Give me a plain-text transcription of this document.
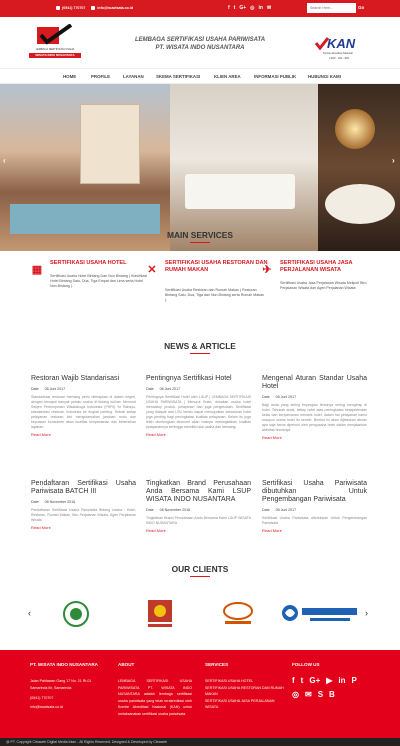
(0541) 770707	info@lsuwisata.co.id	f t G+ ◎ in ✉
Search Here...	Go
LEMBAGA SERTIFIKASI USAHA
WISATA INDO NUSANTARA
LEMBAGA SERTIFIKASI USAHA PARIWISATA
PT. WISATA INDO NUSANTARA	KAN
Komite Akreditasi Nasional
LSUP - 022 - IDN
HOME	PROFILE	LAYANAN	SKEMA SERTIFIKASI	KLIEN AREA	INFORMASI PUBLIK	HUBUNGI KAMI
‹	›
MAIN SERVICES
▦
SERTIFIKASI USAHA HOTEL
Sertifikasi Usaha Hotel Bintang Dan Non Bintang ( Klasifikasi Hotel Bintang Satu, Dua, Tiga Empat dan Lima serta Hotel Non Bintang ).
✕
SERTIFIKASI USAHA RESTORAN DAN RUMAH MAKAN
Sertifikasi Usaha Restoran dan Rumah Makan ( Restoran Bintang Satu, Dua, Tiga dan Non Bintang serta Rumah Makan ).
✈
SERTIFIKASI USAHA JASA PERJALANAN WISATA
Sertifikasi Usaha Jasa Perjalanan Wisata Meliputi Biro Perjalanan Wisata dan Agen Perjalanan Wisata
NEWS & ARTICLE
Restoran Wajib Standarisasi
Date 08 Juni 2017
Standarisasi restoran memang perlu diterapkan di dalam negeri, dengan tercapai banyak pelaku usaha di bidang kuliner. Menurut Sekjen Perhimpunan Wisataboga Indonesia (PHRI) Yo Rahayu, standarisasi restoran Indonesia ke tingkat penting. Sebab setiap pelayanan restoran kini mengutamakan jaminan mutu dan kepuasan konsumen akan kualitas kenyamanan dan kebersihan layanan.
Read More
Pentingnya Sertifikasi Hotel
Date 08 Juni 2017
Pentingnya Sertifikasi Hotel oleh LSUP | LEMBAGA SERTIFIKASI USAHA PARIWISATA | Menurut Brian, desakan usaha hotel mencakup produk, pelayanan dan juga pengelolaan. Sertifikasi yang didapat dari LSU terlalu dapat mewujudkan kebutuhan hotel juga penting bagi peningkatan kualitas pelayanan. Selain itu juga lebih diuntungkan ekonomi akan mampu meningkatkan kualitas pelayanannya sehingga memiliki nilai usaha dan bersaing.
Read More
Mengenal Aturan Standar Usaha Hotel
Date 08 Juni 2017
Bagi anda yang sering bepergian tentunya sering menginap di hotel. Tahukah anda, setiap hotel atas peningkatan kesejahteraan kelas dan kenyamanan menarik hotel, dalam hal pelayanan kamu maupun usaha hotel itu sendiri. Berikut ini akan dijelaskan aturan apa saja harus dipenuhi oleh pengusaha hotel dalam menjalankan aktivitas bisnisnya.
Read More
Pendaftaran Sertifikasi Usaha Pariwisata BATCH III
Date 08 November 2016
Pendaftaran Sertifikasi Usaha Pariwisata Bidang Usaha : Hotel, Restoran, Rumah Makan, Biro Perjalanan Wisata, Agen Perjalanan Wisata
Read More
Tingkatkan Brand Perusahaan Anda Bersama Kami LSUP WISATA INDO NUSANTARA
Date 08 November 2016
Tingkatkan Brand Perusahaan Anda Bersama Kami LSUP WISATA INDO NUSANTARA
Read More
Sertifikasi Usaha Pariwisata dibutuhkan Untuk Pengembangan Pariwisata
Date 08 Juni 2017
Sertifikasi Usaha Pariwisata dibutuhkan Untuk Pengembangan Pariwisata
Read More
OUR CLIENTS
‹	›
PT. WISATA INDO NUSANTARA
Jalan Pahlawan Gang 17 No. 21 Rt.01 Samarinda Ilir, Samarinda
(0541) 770707
info@lsuwisata.co.id
ABOUT
LEMBAGA SERTIFIKASI USAHA PARIWISATA PT. WISATA INDO NUSANTARA adalah lembaga sertifikasi usaha pariwisata yang telah terakreditasi oleh Komite Akreditasi Nasional (KAN) untuk melaksanakan sertifikasi usaha pariwisata.
SERVICES
SERTIFIKASI USAHA HOTEL
SERTIFIKASI USAHA RESTORAN DAN RUMAH MAKAN
SERTIFIKASI USAHA JASA PERJALANAN WISATA
FOLLOW US
f t G+ ▶ in P
◎ ✉ S B
@ PT. Copyright Citraweb Digital Media Intan - All Rights Reserved. Designed & Developed by Citraweb
